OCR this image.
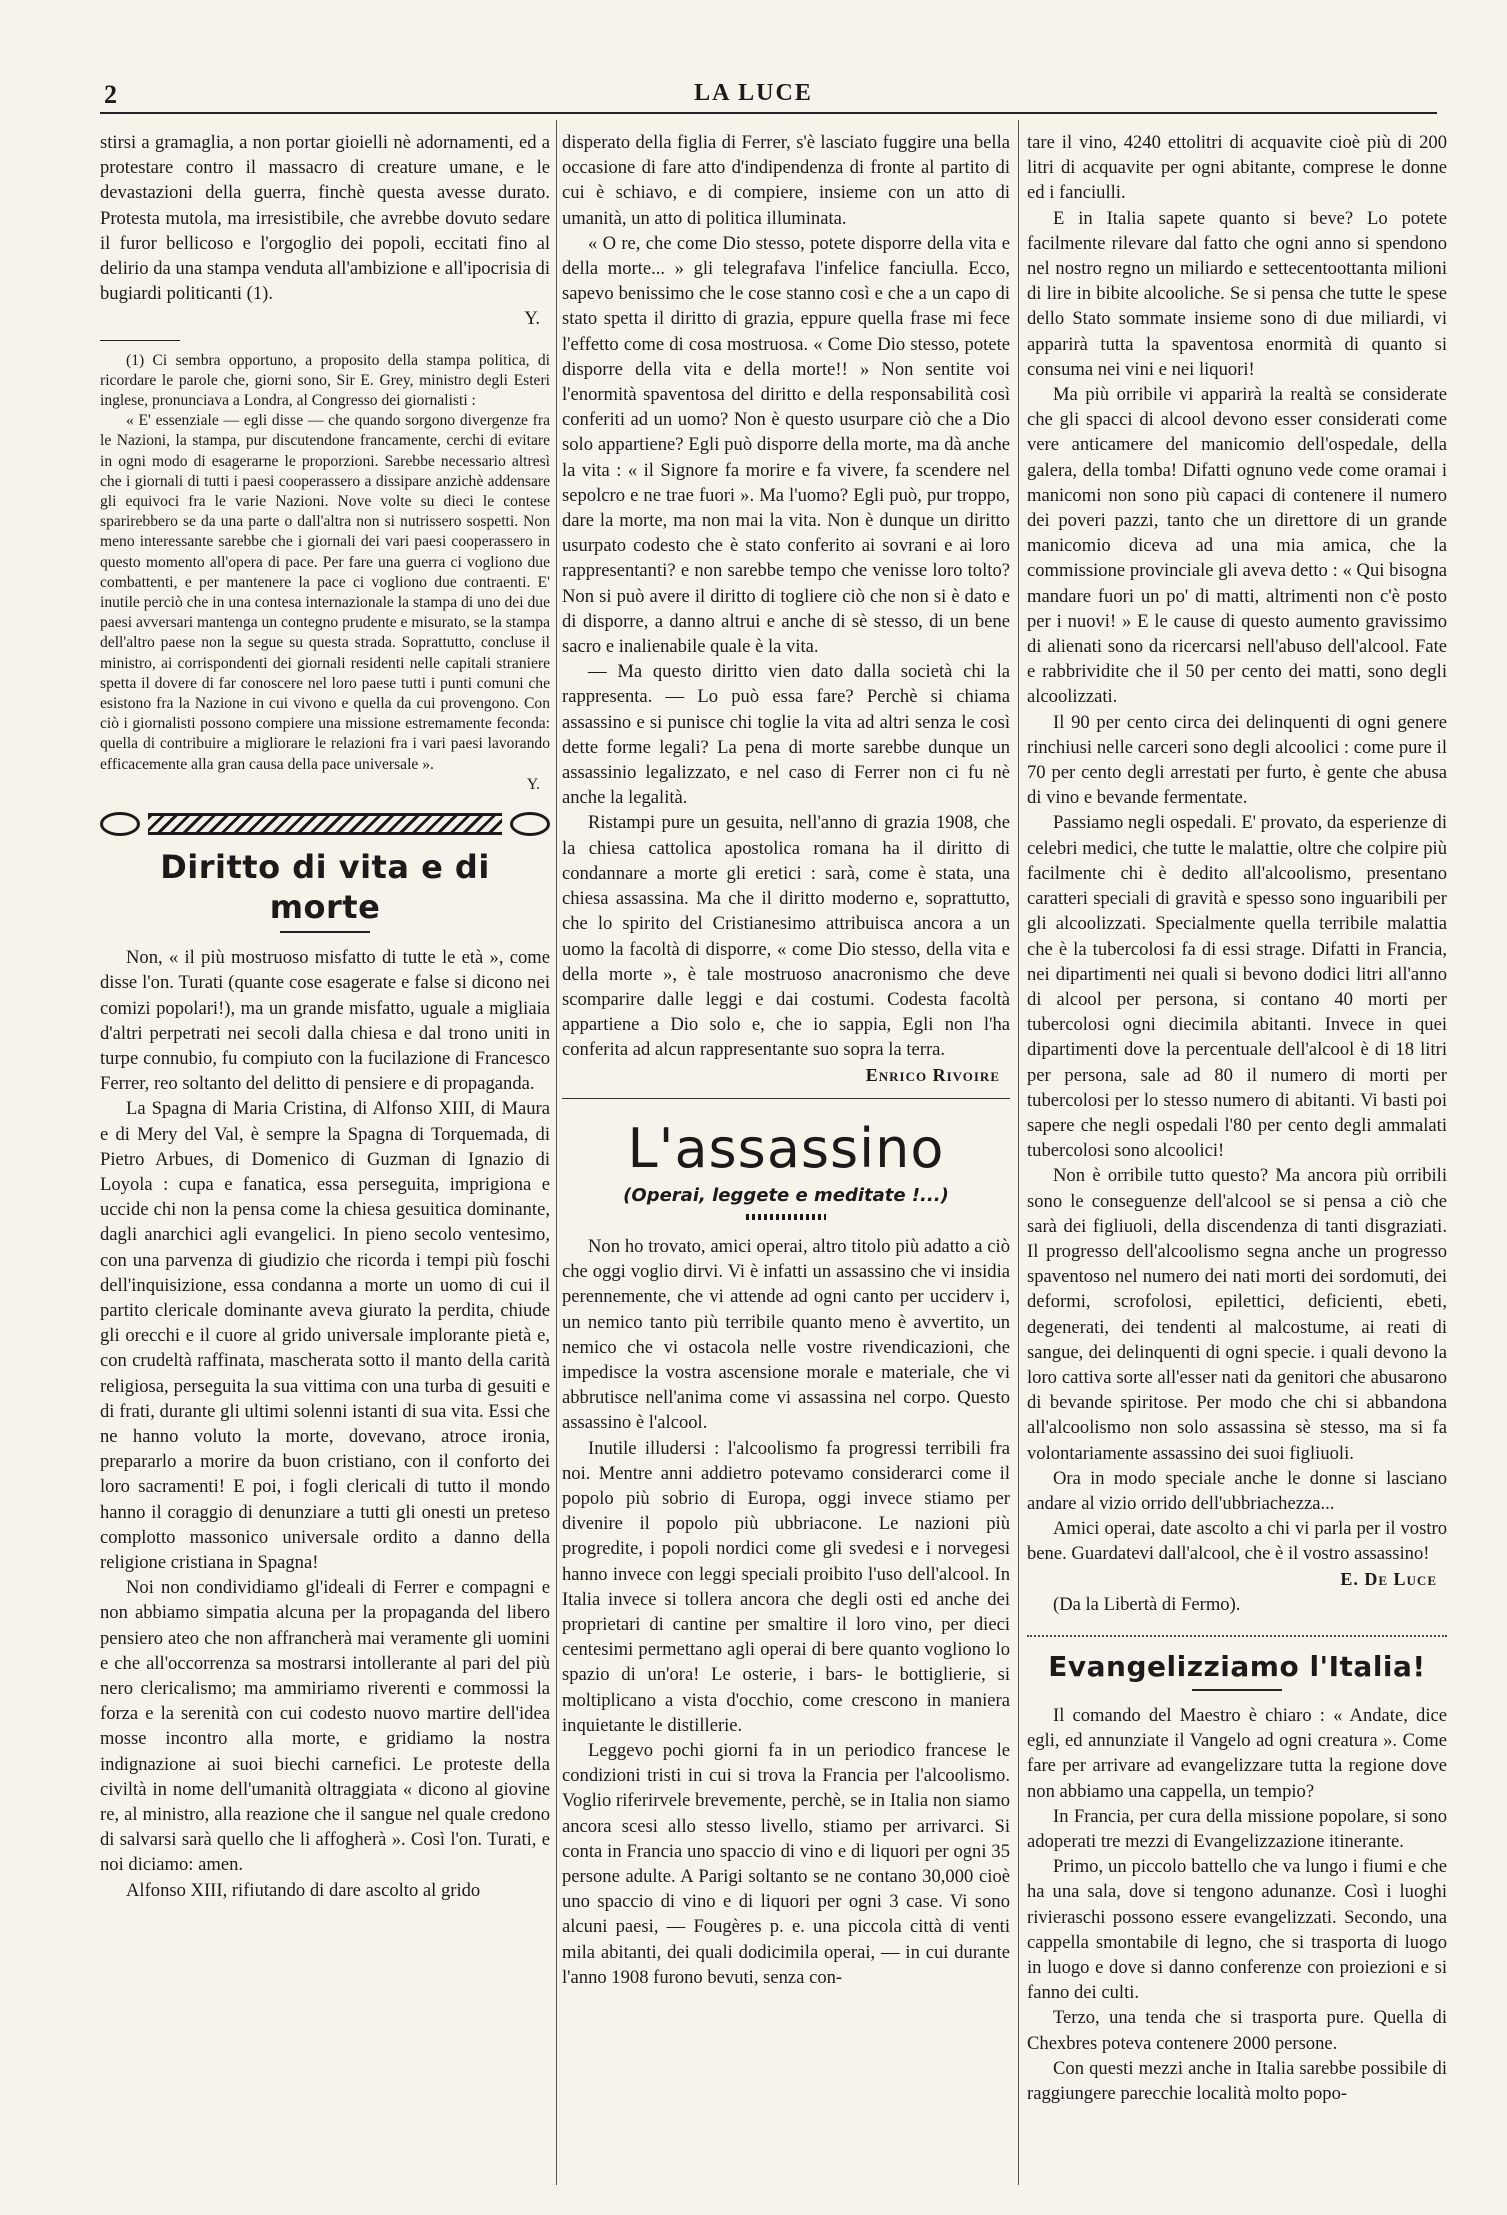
2	LA LUCE

stirsi a gramaglia, a non portar gioielli nè adornamenti, ed a protestare contro il massacro di creature umane, e le devastazioni della guerra, finchè questa avesse durato. Protesta mutola, ma irresistibile, che avrebbe dovuto sedare il furor bellicoso e l'orgoglio dei popoli, eccitati fino al delirio da una stampa venduta all'ambizione e all'ipocrisia di bugiardi politicanti (1).

Y.

(1) Ci sembra opportuno, a proposito della stampa politica, di ricordare le parole che, giorni sono, Sir E. Grey, ministro degli Esteri inglese, pronunciava a Londra, al Congresso dei giornalisti :

« E' essenziale — egli disse — che quando sorgono divergenze fra le Nazioni, la stampa, pur discutendone francamente, cerchi di evitare in ogni modo di esagerarne le proporzioni. Sarebbe necessario altresì che i giornali di tutti i paesi cooperassero a dissipare anzichè addensare gli equivoci fra le varie Nazioni. Nove volte su dieci le contese sparirebbero se da una parte o dall'altra non si nutrissero sospetti. Non meno interessante sarebbe che i giornali dei vari paesi cooperassero in questo momento all'opera di pace. Per fare una guerra ci vogliono due combattenti, e per mantenere la pace ci vogliono due contraenti. E' inutile perciò che in una contesa internazionale la stampa di uno dei due paesi avversari mantenga un contegno prudente e misurato, se la stampa dell'altro paese non la segue su questa strada. Soprattutto, concluse il ministro, ai corrispondenti dei giornali residenti nelle capitali straniere spetta il dovere di far conoscere nel loro paese tutti i punti comuni che esistono fra la Nazione in cui vivono e quella da cui provengono. Con ciò i giornalisti possono compiere una missione estremamente feconda: quella di contribuire a migliorare le relazioni fra i vari paesi lavorando efficacemente alla gran causa della pace universale ».

Y.
Diritto di vita e di morte

Non, « il più mostruoso misfatto di tutte le età », come disse l'on. Turati (quante cose esagerate e false si dicono nei comizi popolari!), ma un grande misfatto, uguale a migliaia d'altri perpetrati nei secoli dalla chiesa e dal trono uniti in turpe connubio, fu compiuto con la fucilazione di Francesco Ferrer, reo soltanto del delitto di pensiere e di propaganda.

La Spagna di Maria Cristina, di Alfonso XIII, di Maura e di Mery del Val, è sempre la Spagna di Torquemada, di Pietro Arbues, di Domenico di Guzman di Ignazio di Loyola : cupa e fanatica, essa perseguita, imprigiona e uccide chi non la pensa come la chiesa gesuitica dominante, dagli anarchici agli evangelici. In pieno secolo ventesimo, con una parvenza di giudizio che ricorda i tempi più foschi dell'inquisizione, essa condanna a morte un uomo di cui il partito clericale dominante aveva giurato la perdita, chiude gli orecchi e il cuore al grido universale implorante pietà e, con crudeltà raffinata, mascherata sotto il manto della carità religiosa, perseguita la sua vittima con una turba di gesuiti e di frati, durante gli ultimi solenni istanti di sua vita. Essi che ne hanno voluto la morte, dovevano, atroce ironia, prepararlo a morire da buon cristiano, con il conforto dei loro sacramenti! E poi, i fogli clericali di tutto il mondo hanno il coraggio di denunziare a tutti gli onesti un preteso complotto massonico universale ordito a danno della religione cristiana in Spagna!

Noi non condividiamo gl'ideali di Ferrer e compagni e non abbiamo simpatia alcuna per la propaganda del libero pensiero ateo che non affrancherà mai veramente gli uomini e che all'occorrenza sa mostrarsi intollerante al pari del più nero clericalismo; ma ammiriamo riverenti e commossi la forza e la serenità con cui codesto nuovo martire dell'idea mosse incontro alla morte, e gridiamo la nostra indignazione ai suoi biechi carnefici. Le proteste della civiltà in nome dell'umanità oltraggiata « dicono al giovine re, al ministro, alla reazione che il sangue nel quale credono di salvarsi sarà quello che li affogherà ». Così l'on. Turati, e noi diciamo: amen.

Alfonso XIII, rifiutando di dare ascolto al grido

disperato della figlia di Ferrer, s'è lasciato fuggire una bella occasione di fare atto d'indipendenza di fronte al partito di cui è schiavo, e di compiere, insieme con un atto di umanità, un atto di politica illuminata.

« O re, che come Dio stesso, potete disporre della vita e della morte... » gli telegrafava l'infelice fanciulla. Ecco, sapevo benissimo che le cose stanno così e che a un capo di stato spetta il diritto di grazia, eppure quella frase mi fece l'effetto come di cosa mostruosa. « Come Dio stesso, potete disporre della vita e della morte!! » Non sentite voi l'enormità spaventosa del diritto e della responsabilità così conferiti ad un uomo? Non è questo usurpare ciò che a Dio solo appartiene? Egli può disporre della morte, ma dà anche la vita : « il Signore fa morire e fa vivere, fa scendere nel sepolcro e ne trae fuori ». Ma l'uomo? Egli può, pur troppo, dare la morte, ma non mai la vita. Non è dunque un diritto usurpato codesto che è stato conferito ai sovrani e ai loro rappresentanti? e non sarebbe tempo che venisse loro tolto? Non si può avere il diritto di togliere ciò che non si è dato e di disporre, a danno altrui e anche di sè stesso, di un bene sacro e inalienabile quale è la vita.

— Ma questo diritto vien dato dalla società chi la rappresenta. — Lo può essa fare? Perchè si chiama assassino e si punisce chi toglie la vita ad altri senza le così dette forme legali? La pena di morte sarebbe dunque un assassinio legalizzato, e nel caso di Ferrer non ci fu nè anche la legalità.

Ristampi pure un gesuita, nell'anno di grazia 1908, che la chiesa cattolica apostolica romana ha il diritto di condannare a morte gli eretici : sarà, come è stata, una chiesa assassina. Ma che il diritto moderno e, soprattutto, che lo spirito del Cristianesimo attribuisca ancora a un uomo la facoltà di disporre, « come Dio stesso, della vita e della morte », è tale mostruoso anacronismo che deve scomparire dalle leggi e dai costumi. Codesta facoltà appartiene a Dio solo e, che io sappia, Egli non l'ha conferita ad alcun rappresentante suo sopra la terra.

Enrico Rivoire
L'assassino
(Operai, leggete e meditate !...)

Non ho trovato, amici operai, altro titolo più adatto a ciò che oggi voglio dirvi. Vi è infatti un assassino che vi insidia perennemente, che vi attende ad ogni canto per ucciderv i, un nemico tanto più terribile quanto meno è avvertito, un nemico che vi ostacola nelle vostre rivendicazioni, che impedisce la vostra ascensione morale e materiale, che vi abbrutisce nell'anima come vi assassina nel corpo. Questo assassino è l'alcool.

Inutile illudersi : l'alcoolismo fa progressi terribili fra noi. Mentre anni addietro potevamo considerarci come il popolo più sobrio di Europa, oggi invece stiamo per divenire il popolo più ubbriacone. Le nazioni più progredite, i popoli nordici come gli svedesi e i norvegesi hanno invece con leggi speciali proibito l'uso dell'alcool. In Italia invece si tollera ancora che degli osti ed anche dei proprietari di cantine per smaltire il loro vino, per dieci centesimi permettano agli operai di bere quanto vogliono lo spazio di un'ora! Le osterie, i bars- le bottiglierie, si moltiplicano a vista d'occhio, come crescono in maniera inquietante le distillerie.

Leggevo pochi giorni fa in un periodico francese le condizioni tristi in cui si trova la Francia per l'alcoolismo. Voglio riferirvele brevemente, perchè, se in Italia non siamo ancora scesi allo stesso livello, stiamo per arrivarci. Si conta in Francia uno spaccio di vino e di liquori per ogni 35 persone adulte. A Parigi soltanto se ne contano 30,000 cioè uno spaccio di vino e di liquori per ogni 3 case. Vi sono alcuni paesi, — Fougères p. e. una piccola città di venti mila abitanti, dei quali dodicimila operai, — in cui durante l'anno 1908 furono bevuti, senza con-

tare il vino, 4240 ettolitri di acquavite cioè più di 200 litri di acquavite per ogni abitante, comprese le donne ed i fanciulli.

E in Italia sapete quanto si beve? Lo potete facilmente rilevare dal fatto che ogni anno si spendono nel nostro regno un miliardo e settecentoottanta milioni di lire in bibite alcooliche. Se si pensa che tutte le spese dello Stato sommate insieme sono di due miliardi, vi apparirà tutta la spaventosa enormità di quanto si consuma nei vini e nei liquori!

Ma più orribile vi apparirà la realtà se considerate che gli spacci di alcool devono esser considerati come vere anticamere del manicomio dell'ospedale, della galera, della tomba! Difatti ognuno vede come oramai i manicomi non sono più capaci di contenere il numero dei poveri pazzi, tanto che un direttore di un grande manicomio diceva ad una mia amica, che la commissione provinciale gli aveva detto : « Qui bisogna mandare fuori un po' di matti, altrimenti non c'è posto per i nuovi! » E le cause di questo aumento gravissimo di alienati sono da ricercarsi nell'abuso dell'alcool. Fate e rabbrividite che il 50 per cento dei matti, sono degli alcoolizzati.

Il 90 per cento circa dei delinquenti di ogni genere rinchiusi nelle carceri sono degli alcoolici : come pure il 70 per cento degli arrestati per furto, è gente che abusa di vino e bevande fermentate.

Passiamo negli ospedali. E' provato, da esperienze di celebri medici, che tutte le malattie, oltre che colpire più facilmente chi è dedito all'alcoolismo, presentano caratteri speciali di gravità e spesso sono inguaribili per gli alcoolizzati. Specialmente quella terribile malattia che è la tubercolosi fa di essi strage. Difatti in Francia, nei dipartimenti nei quali si bevono dodici litri all'anno di alcool per persona, si contano 40 morti per tubercolosi ogni diecimila abitanti. Invece in quei dipartimenti dove la percentuale dell'alcool è di 18 litri per persona, sale ad 80 il numero di morti per tubercolosi per lo stesso numero di abitanti. Vi basti poi sapere che negli ospedali l'80 per cento degli ammalati tubercolosi sono alcoolici!

Non è orribile tutto questo? Ma ancora più orribili sono le conseguenze dell'alcool se si pensa a ciò che sarà dei figliuoli, della discendenza di tanti disgraziati. Il progresso dell'alcoolismo segna anche un progresso spaventoso nel numero dei nati morti dei sordomuti, dei deformi, scrofolosi, epilettici, deficienti, ebeti, degenerati, dei tendenti al malcostume, ai reati di sangue, dei delinquenti di ogni specie. i quali devono la loro cattiva sorte all'esser nati da genitori che abusarono di bevande spiritose. Per modo che chi si abbandona all'alcoolismo non solo assassina sè stesso, ma si fa volontariamente assassino dei suoi figliuoli.

Ora in modo speciale anche le donne si lasciano andare al vizio orrido dell'ubbriachezza...

Amici operai, date ascolto a chi vi parla per il vostro bene. Guardatevi dall'alcool, che è il vostro assassino!

E. De Luce

(Da la Libertà di Fermo).

Evangelizziamo l'Italia!

Il comando del Maestro è chiaro : « Andate, dice egli, ed annunziate il Vangelo ad ogni creatura ». Come fare per arrivare ad evangelizzare tutta la regione dove non abbiamo una cappella, un tempio?

In Francia, per cura della missione popolare, si sono adoperati tre mezzi di Evangelizzazione itinerante.

Primo, un piccolo battello che va lungo i fiumi e che ha una sala, dove si tengono adunanze. Così i luoghi rivieraschi possono essere evangelizzati. Secondo, una cappella smontabile di legno, che si trasporta di luogo in luogo e dove si danno conferenze con proiezioni e si fanno dei culti.

Terzo, una tenda che si trasporta pure. Quella di Chexbres poteva contenere 2000 persone.

Con questi mezzi anche in Italia sarebbe possibile di raggiungere parecchie località molto popo-
